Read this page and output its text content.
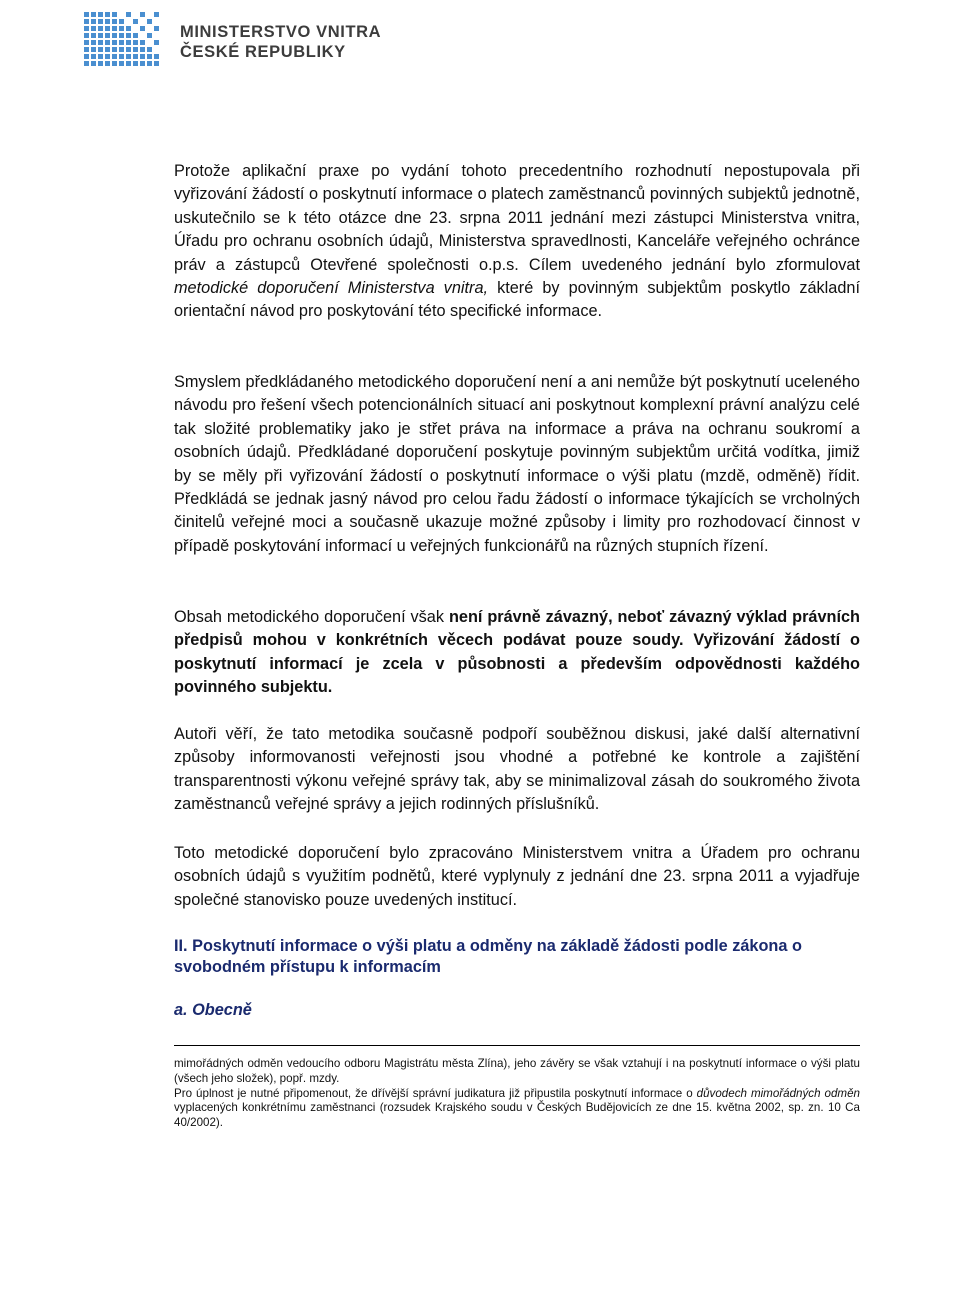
MINISTERSTVO VNITRA
ČESKÉ REPUBLIKY

Protože aplikační praxe po vydání tohoto precedentního rozhodnutí nepostupovala při vyřizování žádostí o poskytnutí informace o platech zaměstnanců povinných subjektů jednotně, uskutečnilo se k této otázce dne 23. srpna 2011 jednání mezi zástupci Ministerstva vnitra, Úřadu pro ochranu osobních údajů, Ministerstva spravedlnosti, Kanceláře veřejného ochránce práv a zástupců Otevřené společnosti o.p.s. Cílem uvedeného jednání bylo zformulovat metodické doporučení Ministerstva vnitra, které by povinným subjektům poskytlo základní orientační návod pro poskytování této specifické informace.

Smyslem předkládaného metodického doporučení není a ani nemůže být poskytnutí uceleného návodu pro řešení všech potencionálních situací ani poskytnout komplexní právní analýzu celé tak složité problematiky jako je střet práva na informace a práva na ochranu soukromí a osobních údajů. Předkládané doporučení poskytuje povinným subjektům určitá vodítka, jimiž by se měly při vyřizování žádostí o poskytnutí informace o výši platu (mzdě, odměně) řídit. Předkládá se jednak jasný návod pro celou řadu žádostí o informace týkajících se vrcholných činitelů veřejné moci a současně ukazuje možné způsoby i limity pro rozhodovací činnost v případě poskytování informací u veřejných funkcionářů na různých stupních řízení.

Obsah metodického doporučení však není právně závazný, neboť závazný výklad právních předpisů mohou v konkrétních věcech podávat pouze soudy. Vyřizování žádostí o poskytnutí informací je zcela v působnosti a především odpovědnosti každého povinného subjektu.

Autoři věří, že tato metodika současně podpoří souběžnou diskusi, jaké další alternativní způsoby informovanosti veřejnosti jsou vhodné a potřebné ke kontrole a zajištění transparentnosti výkonu veřejné správy tak, aby se minimalizoval zásah do soukromého života zaměstnanců veřejné správy a jejich rodinných příslušníků.

Toto metodické doporučení bylo zpracováno Ministerstvem vnitra a Úřadem pro ochranu osobních údajů s využitím podnětů, které vyplynuly z jednání dne 23. srpna 2011 a vyjadřuje společné stanovisko pouze uvedených institucí.

II. Poskytnutí informace o výši platu a odměny na základě žádosti podle zákona o svobodném přístupu k informacím
a. Obecně

mimořádných odměn vedoucího odboru Magistrátu města Zlína), jeho závěry se však vztahují i na poskytnutí informace o výši platu (všech jeho složek), popř. mzdy.

Pro úplnost je nutné připomenout, že dřívější správní judikatura již připustila poskytnutí informace o důvodech mimořádných odměn vyplacených konkrétnímu zaměstnanci (rozsudek Krajského soudu v Českých Budějovicích ze dne 15. května 2002, sp. zn. 10 Ca 40/2002).
